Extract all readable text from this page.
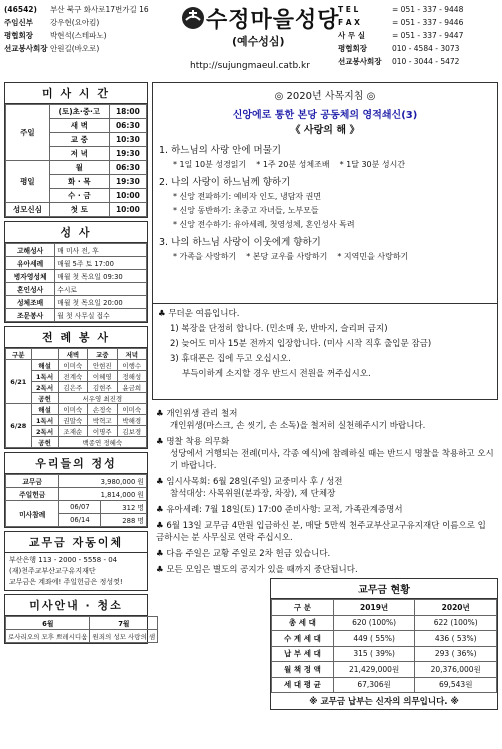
(46542) 부산 북구 화사로17번가길 16
주임신부 강우현(요아킴)
평협회장 박현석(스테파노)
선교봉사회장 안원길(바오로)
수정마을성당
(예수성심)
http://sujungmaeul.catb.kr
T E L	= 051 - 337 - 9448
F A X	= 051 - 337 - 9446
사 무 실	= 051 - 337 - 9447
평협회장	010 - 4584 - 3073
선교봉사회장 010 - 3044 - 5472
미 사 시 간
주일	(토)초·중·고	18:00
	새 벽	06:30
	교 중	10:30
	저 녁	19:30
평일	월	06:30
	화 · 목	19:30
	수 · 금	10:00
성모신심	첫 토	10:00
성 사
고해성사	매 미사 전, 후
유아세례	매월 5주 토 17:00
병자영성체	매월 첫 목요일 09:30
혼인성사	수시로
성체조배	매월 첫 목요일 20:00
조문봉사	월 첫 사무실 접수
전 례 봉 사
구분		새벽	교중	저녁
6/21	해설	이미숙	안현진	이행수
	1독서	전계숙	이혜영	정해성
	2독서	김은주	김현주	윤금희
	공헌	서우영 최진경		
6/28	해설	이미숙	손정숙	이미숙
	1독서	권말숙	박혁고	박해경
	2독서	조재순	이명주	김보경
	공헌	백종연 정혜숙		
우리들의 정성
교무금	3,980,000 원	
주일헌금	1,814,000 원	
미사참례	06/07	312 명
	06/14	288 명
교무금 자동이체
부산은행 113 - 2000 - 5558 - 04
(재)천주교부산교구유지재단
교무금은 계좌에! 주일헌금은 정성껏!
미사안내 · 청소
6월	7월
로사리오의 모후 쁘레시디움	원죄의 성모 사랑의 샘
◎ 2020년 사목지침 ◎
신앙에로 통한 본당 공동체의 영적쇄신(3)
《 사랑의 해 》
1. 하느님의 사랑 안에 머물기
* 1일 10분 성경읽기 * 1주 20분 성체조배 * 1달 30분 성시간
2. 나의 사랑이 하느님께 향하기
* 신앙 전파하기: 예비자 인도, 냉담자 권면
* 신앙 동반하기: 초중고 자녀들, 노부모들
* 신앙 전수하기: 유아세례, 첫영성체, 혼인성사 독려
3. 나의 하느님 사랑이 이웃에게 향하기
* 가족을 사랑하기 * 본당 교우를 사랑하기 * 지역민을 사랑하기
♣ 무더운 여름입니다.
1) 복장을 단정히 합니다. (민소매 옷, 반바지, 슬리퍼 금지)
2) 늦어도 미사 15분 전까지 입장합니다. (미사 시작 직후 출입문 잠금)
3) 휴대폰은 집에 두고 오십시오.
부득이하게 소지할 경우 반드시 전원을 꺼주십시오.
♣ 개인위생 관리 철저
개인위생(마스크, 손 씻기, 손 소독)을 철저히 실천해주시기 바랍니다.
♣ 명찰 착용 의무화
성당에서 거행되는 전례(미사, 각종 예식)에 참례하실 때는 반드시 명찰을 착용하고 오시기 바랍니다.
♣ 임시사목회: 6월 28일(주일) 교중미사 후 / 성전
참석대상: 사목위원(분과장, 차장), 제 단체장
♣ 유아세례: 7월 18일(토) 17:00 준비사항: 교적, 가족관계증명서
♣ 6월 13일 교무금 4만원 입금하신 분, 매달 5만씩 천주교부산교구유지재단 이름으로 입금하시는 분 사무실로 연락 주십시오.
♣ 다음 주일은 교황 주일로 2차 헌금 있습니다.
♣ 모든 모임은 별도의 공지가 있을 때까지 중단됩니다.
교무금 현황
구 분	2019년	2020년
총 세 대	620 (100%)	622 (100%)
수 계 세 대	449 ( 55%)	436 ( 53%)
납 부 세 대	315 ( 39%)	293 ( 36%)
월 책 정 액	21,429,000원	20,376,000원
세 대 평 균	67,306원	69,543원
※ 교무금 납부는 신자의 의무입니다. ※
